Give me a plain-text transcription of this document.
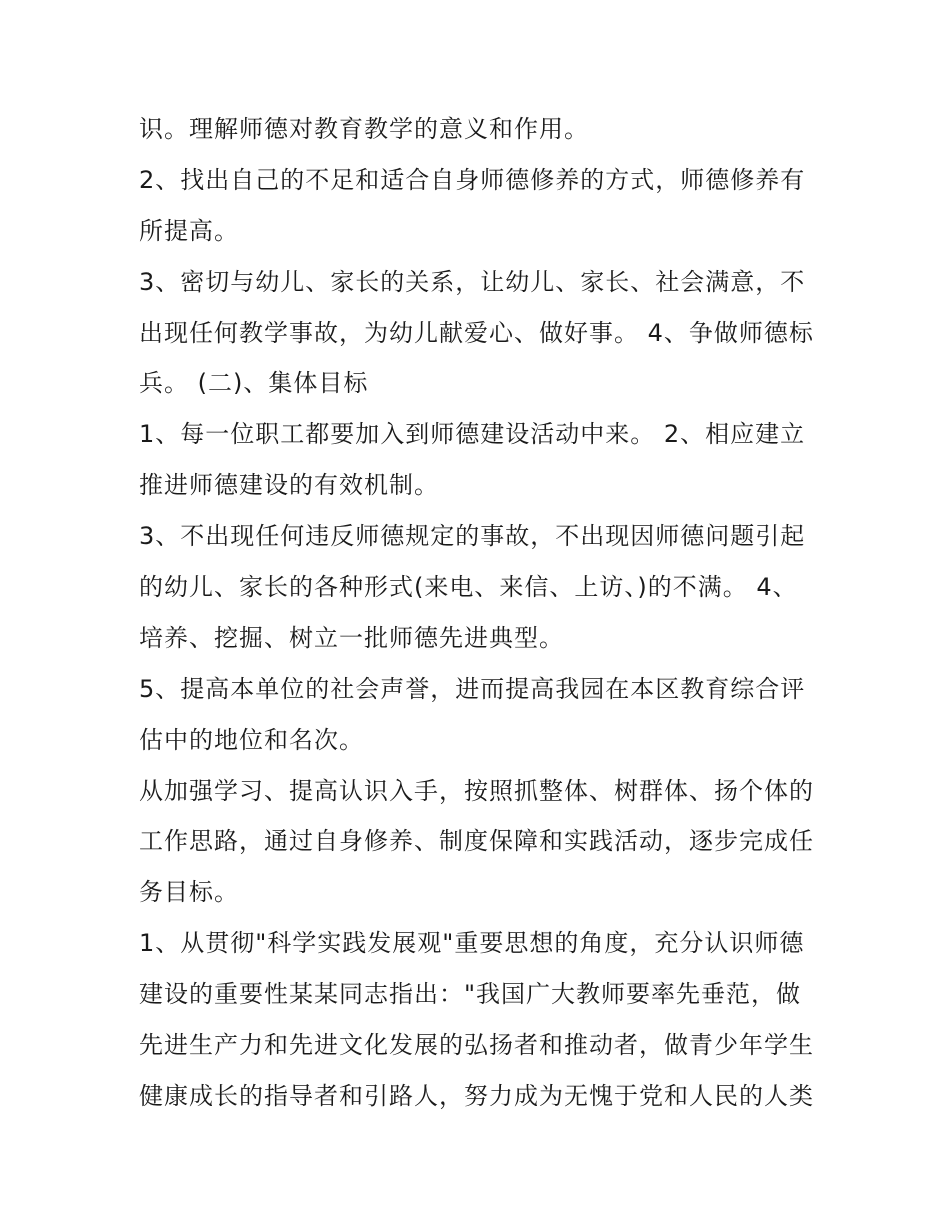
识。理解师德对教育教学的意义和作用。
2、找出自己的不足和适合自身师德修养的方式，师德修养有
所提高。
3、密切与幼儿、家长的关系，让幼儿、家长、社会满意，不
出现任何教学事故，为幼儿献爱心、做好事。 4、争做师德标
兵。 (二)、集体目标
1、每一位职工都要加入到师德建设活动中来。 2、相应建立
推进师德建设的有效机制。
3、不出现任何违反师德规定的事故，不出现因师德问题引起
的幼儿、家长的各种形式(来电、来信、上访、)的不满。 4、
培养、挖掘、树立一批师德先进典型。
5、提高本单位的社会声誉，进而提高我园在本区教育综合评
估中的地位和名次。
从加强学习、提高认识入手，按照抓整体、树群体、扬个体的
工作思路，通过自身修养、制度保障和实践活动，逐步完成任
务目标。
1、从贯彻"科学实践发展观"重要思想的角度，充分认识师德
建设的重要性某某同志指出："我国广大教师要率先垂范，做
先进生产力和先进文化发展的弘扬者和推动者，做青少年学生
健康成长的指导者和引路人，努力成为无愧于党和人民的人类
